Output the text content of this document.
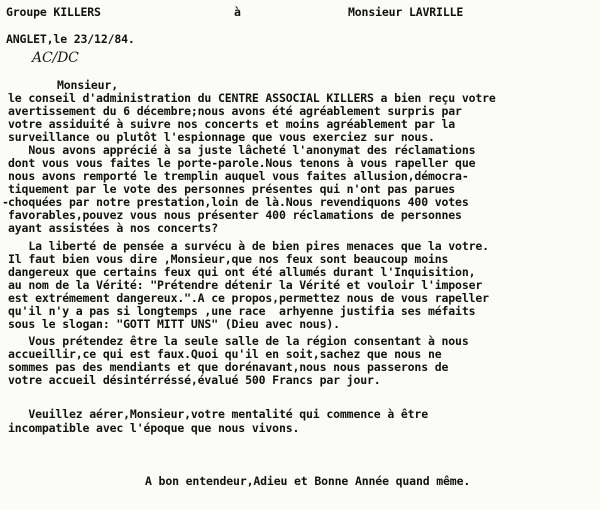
Groupe KILLERS	à	Monsieur LAVRILLE
ANGLET,le 23/12/84.
AC/DC
Monsieur,
-
le conseil d'administration du CENTRE ASSOCIAL KILLERS a bien reçu votre
avertissement du 6 décembre;nous avons été agréablement surpris par
votre assiduité à suivre nos concerts et moins agréablement par la
surveillance ou plutôt l'espionnage que vous exerciez sur nous.
Nous avons apprécié à sa juste lâcheté l'anonymat des réclamations
dont vous vous faites le porte-parole.Nous tenons à vous rapeller que
nous avons remporté le tremplin auquel vous faites allusion,démocra-
tiquement par le vote des personnes présentes qui n'ont pas parues
choquées par notre prestation,loin de là.Nous revendiquons 400 votes
favorables,pouvez vous nous présenter 400 réclamations de personnes
ayant assistées à nos concerts?
La liberté de pensée a survécu à de bien pires menaces que la votre.
Il faut bien vous dire ,Monsieur,que nos feux sont beaucoup moins
dangereux que certains feux qui ont été allumés durant l'Inquisition,
au nom de la Vérité: "Prétendre détenir la Vérité et vouloir l'imposer
est extrémement dangereux.".A ce propos,permettez nous de vous rapeller
qu'il n'y a pas si longtemps ,une race  arhyenne justifia ses méfaits
sous le slogan: "GOTT MITT UNS" (Dieu avec nous).
Vous prétendez être la seule salle de la région consentant à nous
accueillir,ce qui est faux.Quoi qu'il en soit,sachez que nous ne
sommes pas des mendiants et que dorénavant,nous nous passerons de
votre accueil désintérréssé,évalué 500 Francs par jour.
Veuillez aérer,Monsieur,votre mentalité qui commence à être
incompatible avec l'époque que nous vivons.
A bon entendeur,Adieu et Bonne Année quand même.
